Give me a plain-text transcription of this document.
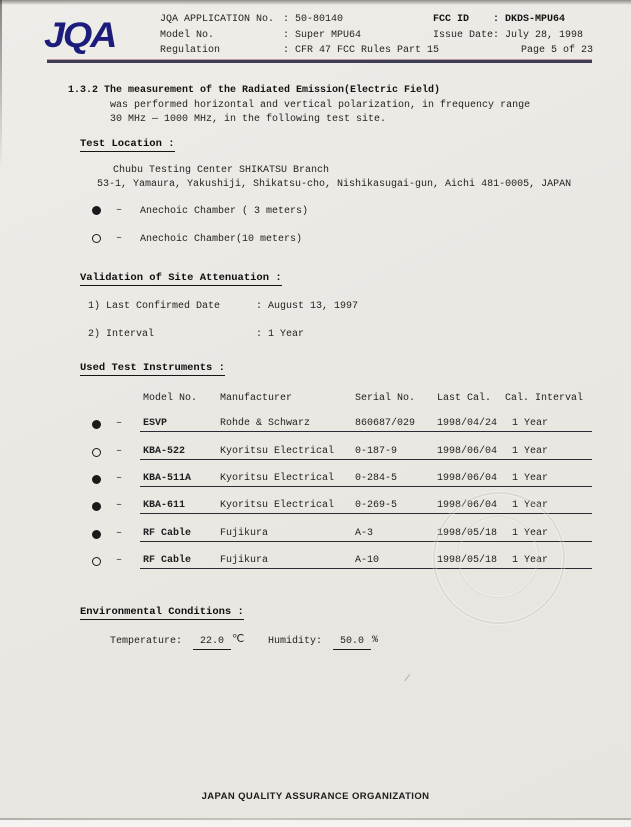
JQA	JQA APPLICATION No. : 50-80140
Model No.	: Super MPU64
Regulation	: CFR 47 FCC Rules Part 15
FCC ID : DKDS-MPU64
Issue Date: July 28, 1998
Page 5 of 23
1.3.2 The measurement of the Radiated Emission(Electric Field)
was performed horizontal and vertical polarization, in frequency range
30 MHz — 1000 MHz, in the following test site.
Test Location :
Chubu Testing Center SHIKATSU Branch
53-1, Yamaura, Yakushiji, Shikatsu-cho, Nishikasugai-gun, Aichi 481-0005, JAPAN
– Anechoic Chamber ( 3 meters)
– Anechoic Chamber(10 meters)
Validation of Site Attenuation :
1) Last Confirmed Date	: August 13, 1997
2) Interval	: 1 Year
Used Test Instruments :
Model No. Manufacturer	Serial No. Last Cal. Cal. Interval
– ESVP	Rohde & Schwarz	860687/029 1998/04/24 1 Year
– KBA-522	Kyoritsu Electrical 0-187-9	1998/06/04 1 Year
– KBA-511A	Kyoritsu Electrical 0-284-5	1998/06/04 1 Year
– KBA-611	Kyoritsu Electrical 0-269-5	1998/06/04 1 Year
– RF Cable	Fujikura	A-3	1998/05/18 1 Year
– RF Cable	Fujikura	A-10	1998/05/18 1 Year
Environmental Conditions :
Temperature:	22.0 ℃ Humidity:	50.0 %
/
JAPAN QUALITY ASSURANCE ORGANIZATION
